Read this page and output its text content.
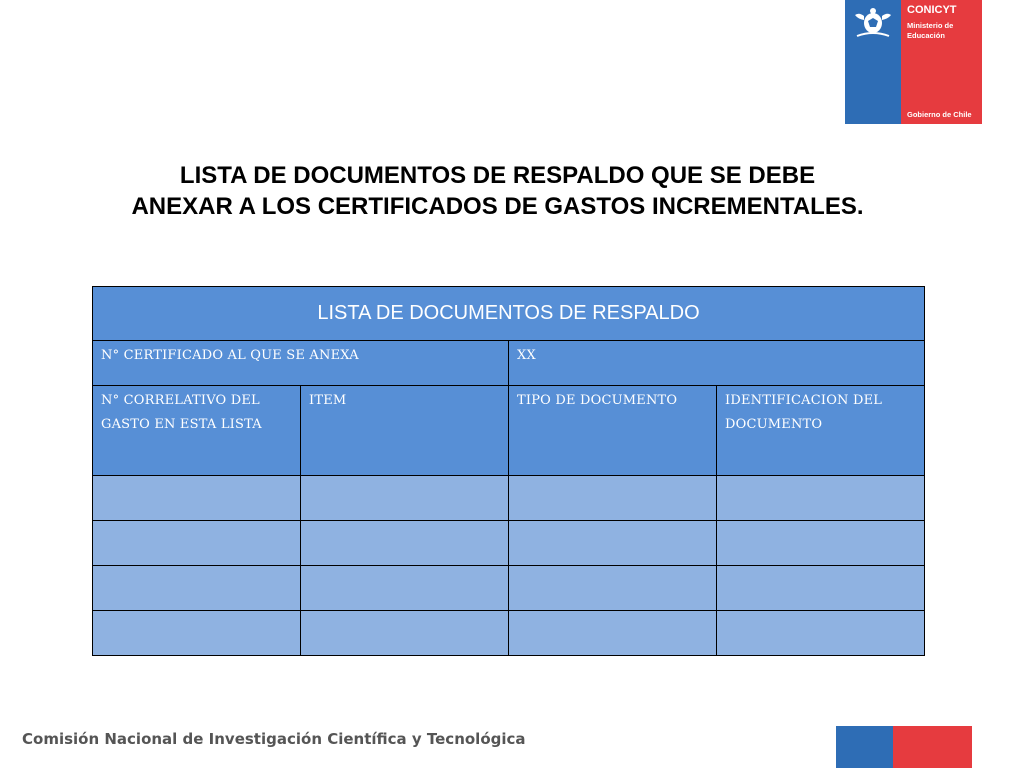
CONICYT
Ministerio de Educación
Gobierno de Chile
LISTA DE DOCUMENTOS DE RESPALDO QUE SE DEBE
ANEXAR A LOS CERTIFICADOS DE GASTOS INCREMENTALES.
LISTA DE DOCUMENTOS DE RESPALDO			

N° CERTIFICADO AL QUE SE ANEXA		XX	

N° CORRELATIVO DEL GASTO EN ESTA LISTA	ITEM	TIPO DE DOCUMENTO	IDENTIFICACION DEL DOCUMENTO

Comisión Nacional de Investigación Científica y Tecnológica
